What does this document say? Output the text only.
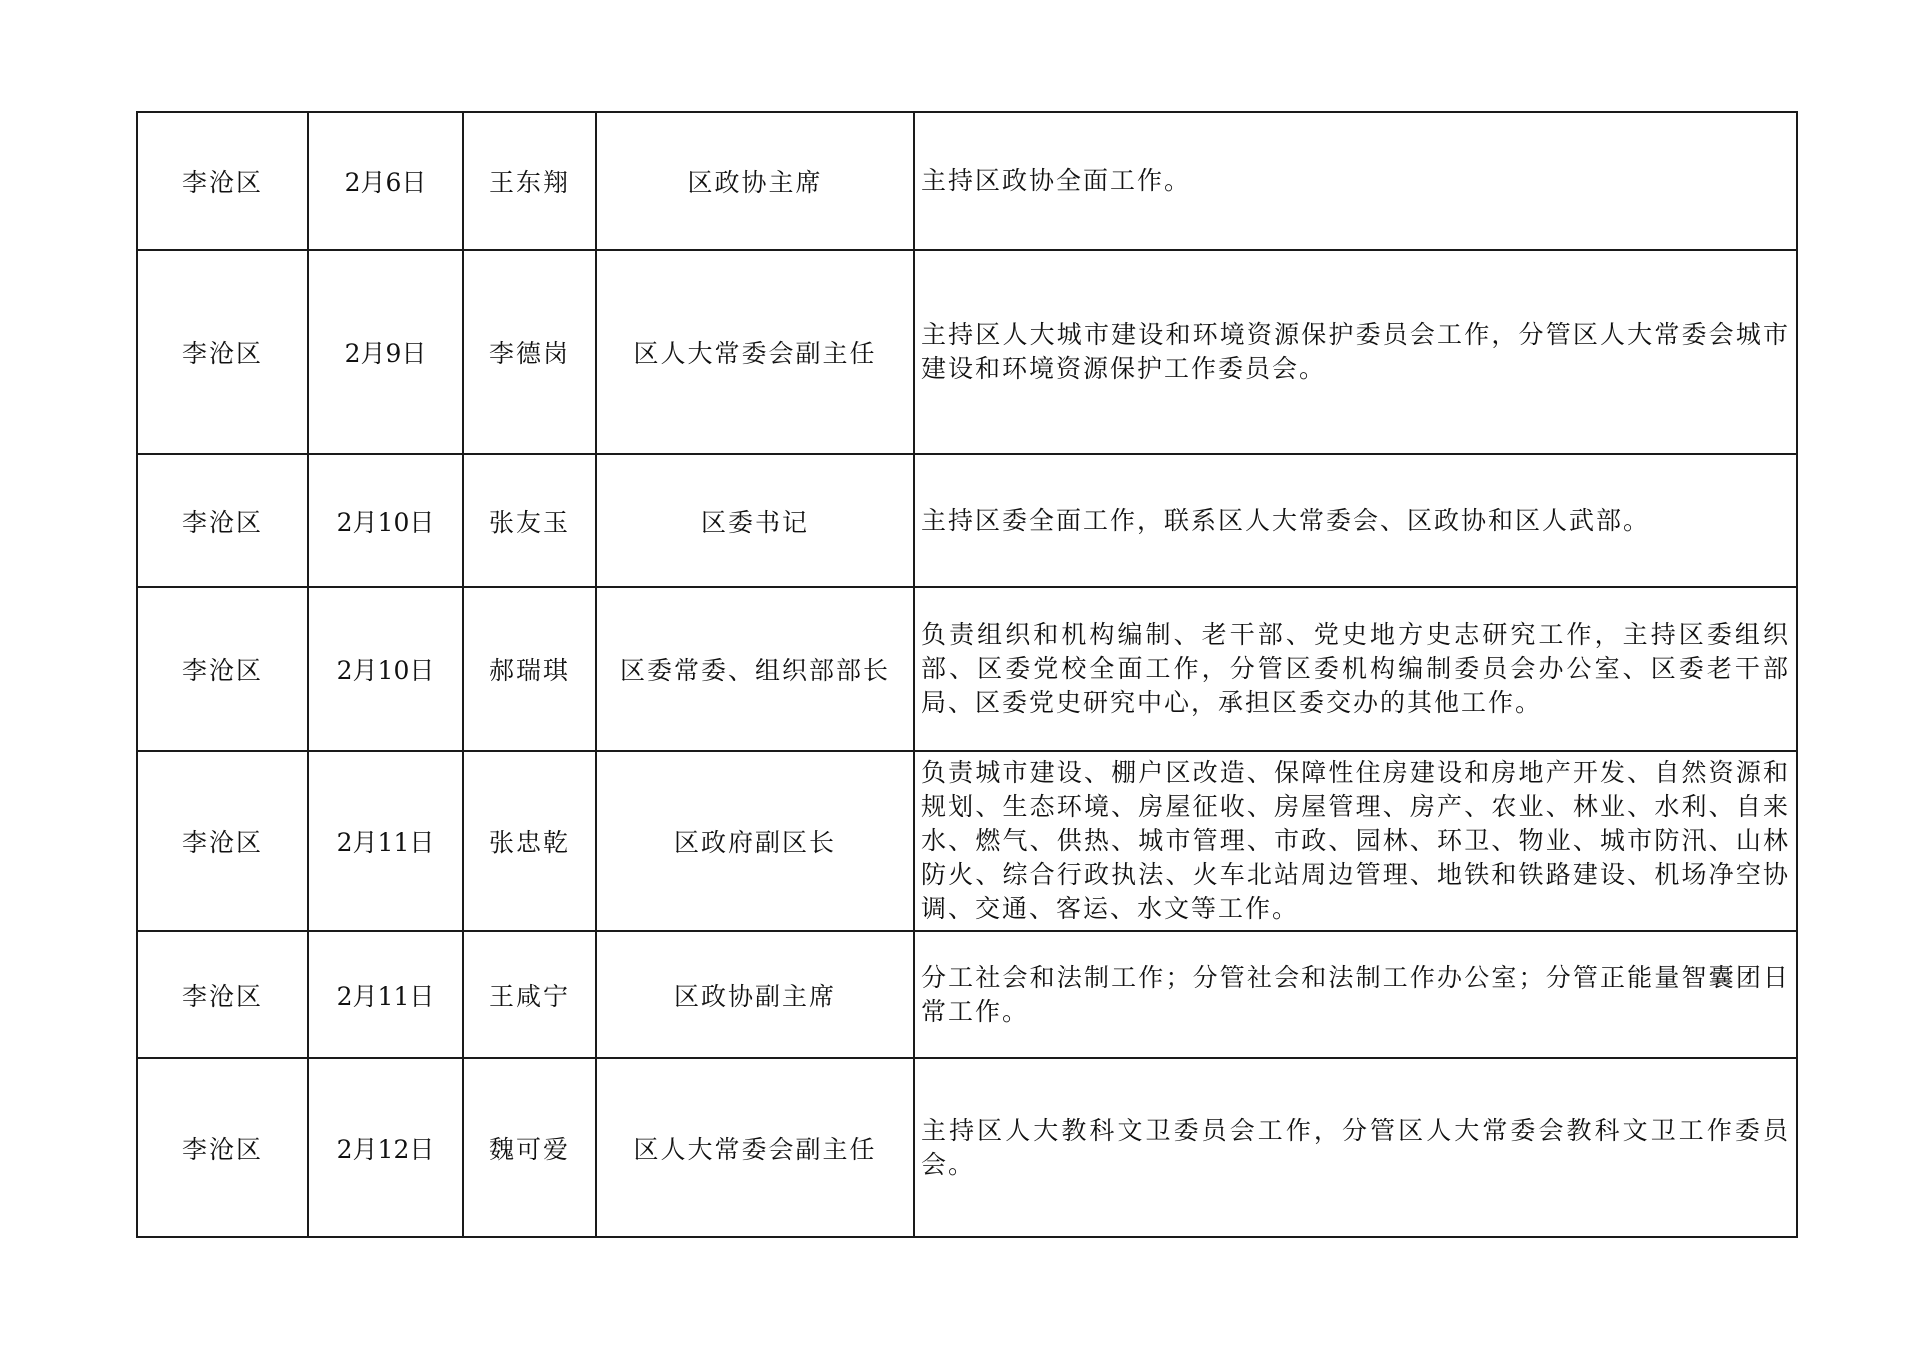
李沧区	2月6日	王东翔	区政协主席	主持区政协全面工作。
李沧区	2月9日	李德岗	区人大常委会副主任	主持区人大城市建设和环境资源保护委员会工作，分管区人大常委会城市建设和环境资源保护工作委员会。
李沧区	2月10日	张友玉	区委书记	主持区委全面工作，联系区人大常委会、区政协和区人武部。
李沧区	2月10日	郝瑞琪	区委常委、组织部部长	负责组织和机构编制、老干部、党史地方史志研究工作，主持区委组织部、区委党校全面工作，分管区委机构编制委员会办公室、区委老干部局、区委党史研究中心，承担区委交办的其他工作。
李沧区	2月11日	张忠乾	区政府副区长	负责城市建设、棚户区改造、保障性住房建设和房地产开发、自然资源和规划、生态环境、房屋征收、房屋管理、房产、农业、林业、水利、自来水、燃气、供热、城市管理、市政、园林、环卫、物业、城市防汛、山林防火、综合行政执法、火车北站周边管理、地铁和铁路建设、机场净空协调、交通、客运、水文等工作。
李沧区	2月11日	王咸宁	区政协副主席	分工社会和法制工作；分管社会和法制工作办公室；分管正能量智囊团日常工作。
李沧区	2月12日	魏可爱	区人大常委会副主任	主持区人大教科文卫委员会工作，分管区人大常委会教科文卫工作委员会。
